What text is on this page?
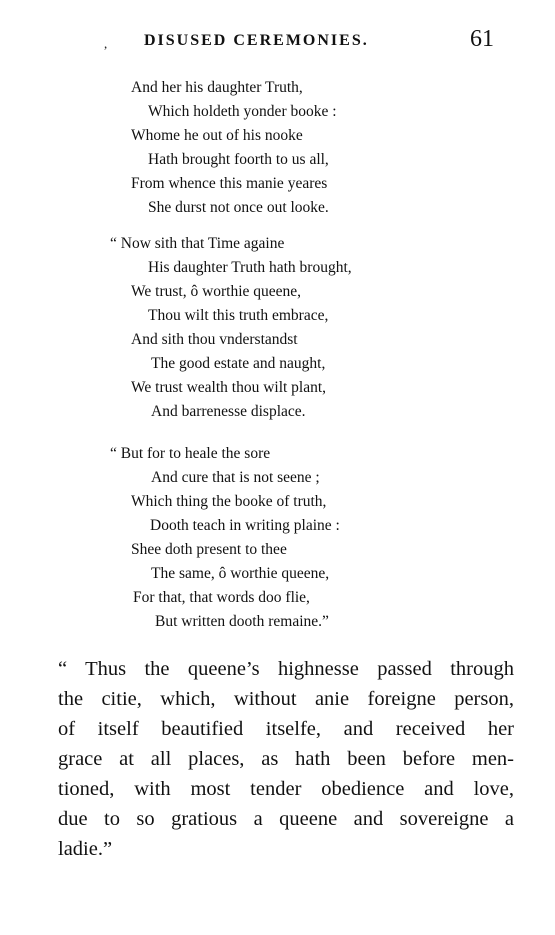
, DISUSED CEREMONIES.	61
And her his daughter Truth,
Which holdeth yonder booke :
Whome he out of his nooke
Hath brought foorth to us all,
From whence this manie yeares
She durst not once out looke.
“ Now sith that Time againe
His daughter Truth hath brought,
We trust, ô worthie queene,
Thou wilt this truth embrace,
And sith thou vnderstandst
The good estate and naught,
We trust wealth thou wilt plant,
And barrenesse displace.
“ But for to heale the sore
And cure that is not seene ;
Which thing the booke of truth,
Dooth teach in writing plaine :
Shee doth present to thee
The same, ô worthie queene,
For that, that words doo flie,
But written dooth remaine.”
“ Thus the queene’s highnesse passed through
the citie, which, without anie foreigne person,
of itself beautified itselfe, and received her
grace at all places, as hath been before men-
tioned, with most tender obedience and love,
due to so gratious a queene and sovereigne a
ladie.”
